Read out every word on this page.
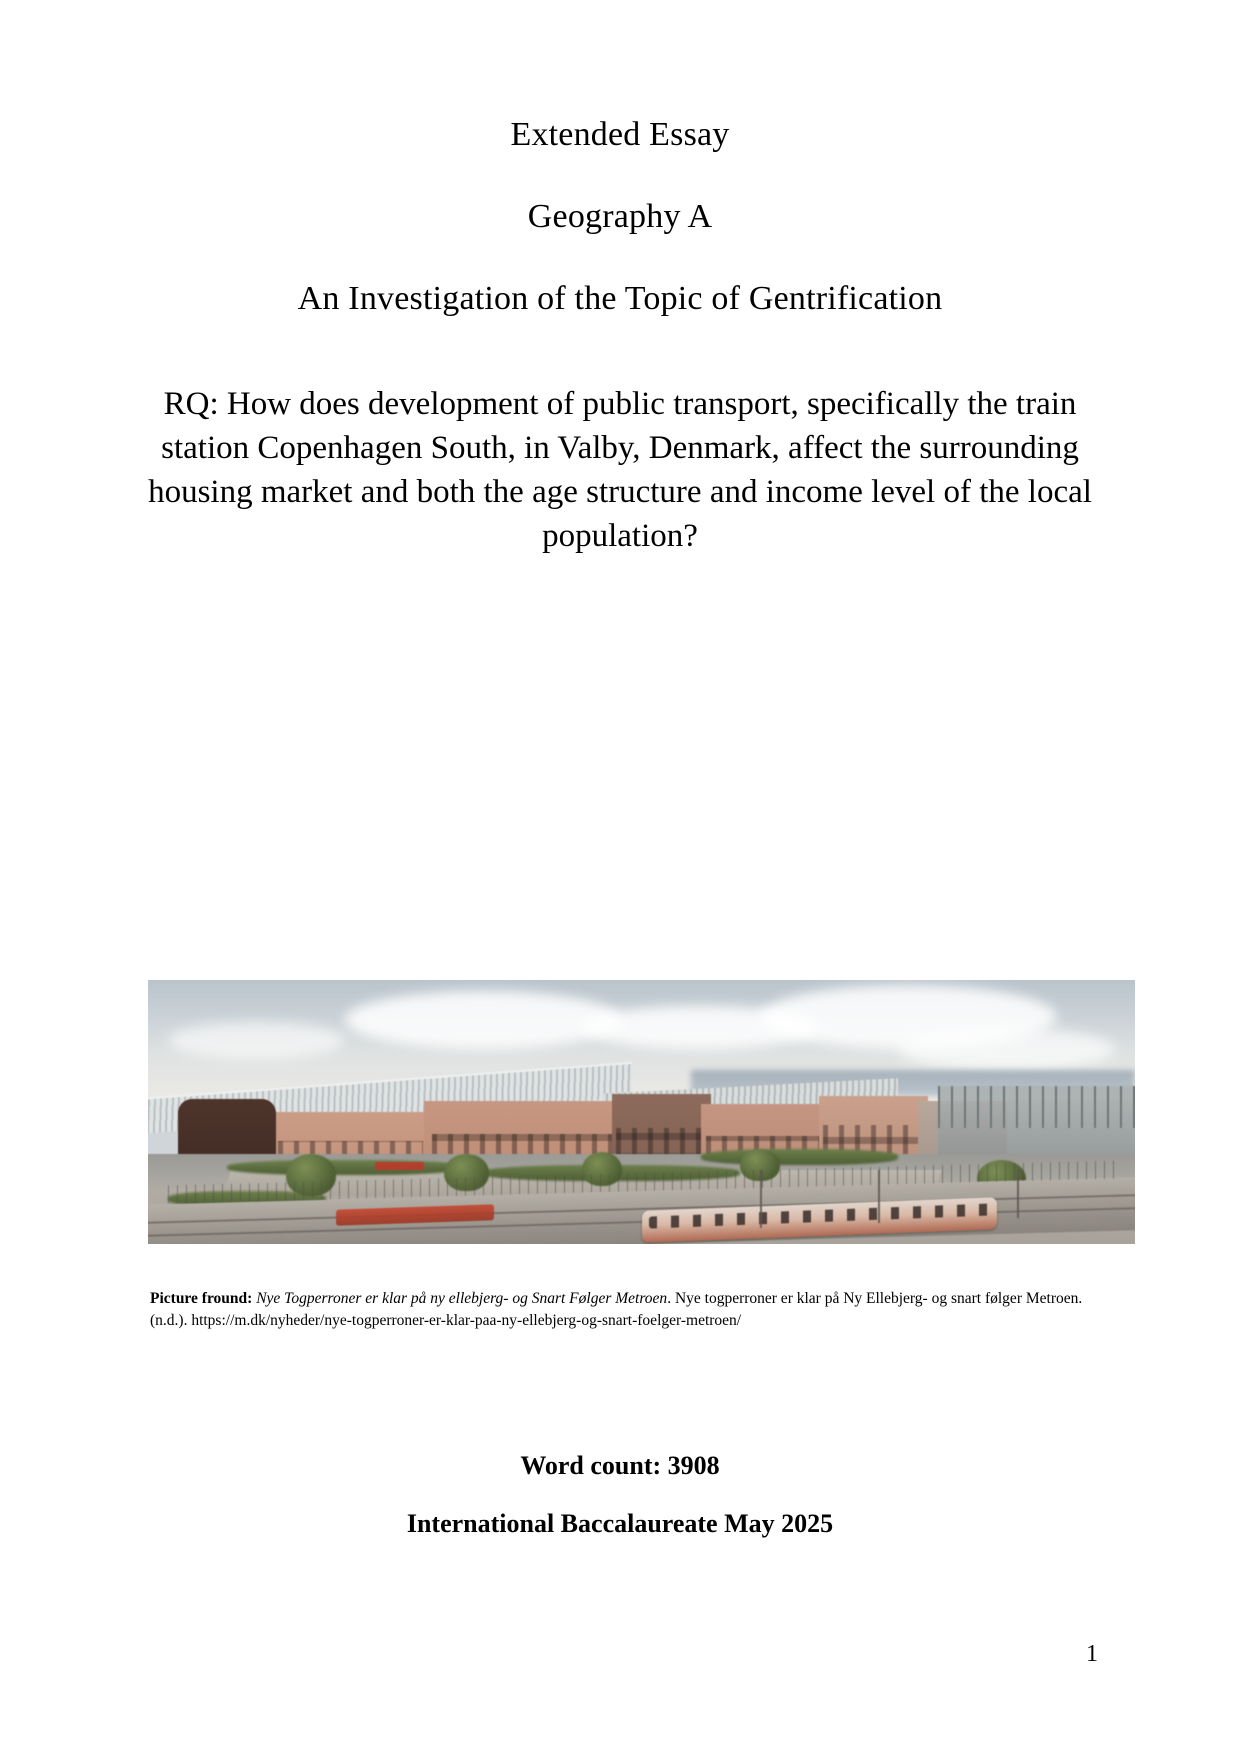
Extended Essay

Geography A

An Investigation of the Topic of Gentrification

RQ: How does development of public transport, specifically the train station Copenhagen South, in Valby, Denmark, affect the surrounding housing market and both the age structure and income level of the local population?

Picture fround: Nye Togperroner er klar på ny ellebjerg- og Snart Følger Metroen. Nye togperroner er klar på Ny Ellebjerg- og snart følger Metroen. (n.d.). https://m.dk/nyheder/nye-togperroner-er-klar-paa-ny-ellebjerg-og-snart-foelger-metroen/

Word count: 3908

International Baccalaureate May 2025

1
